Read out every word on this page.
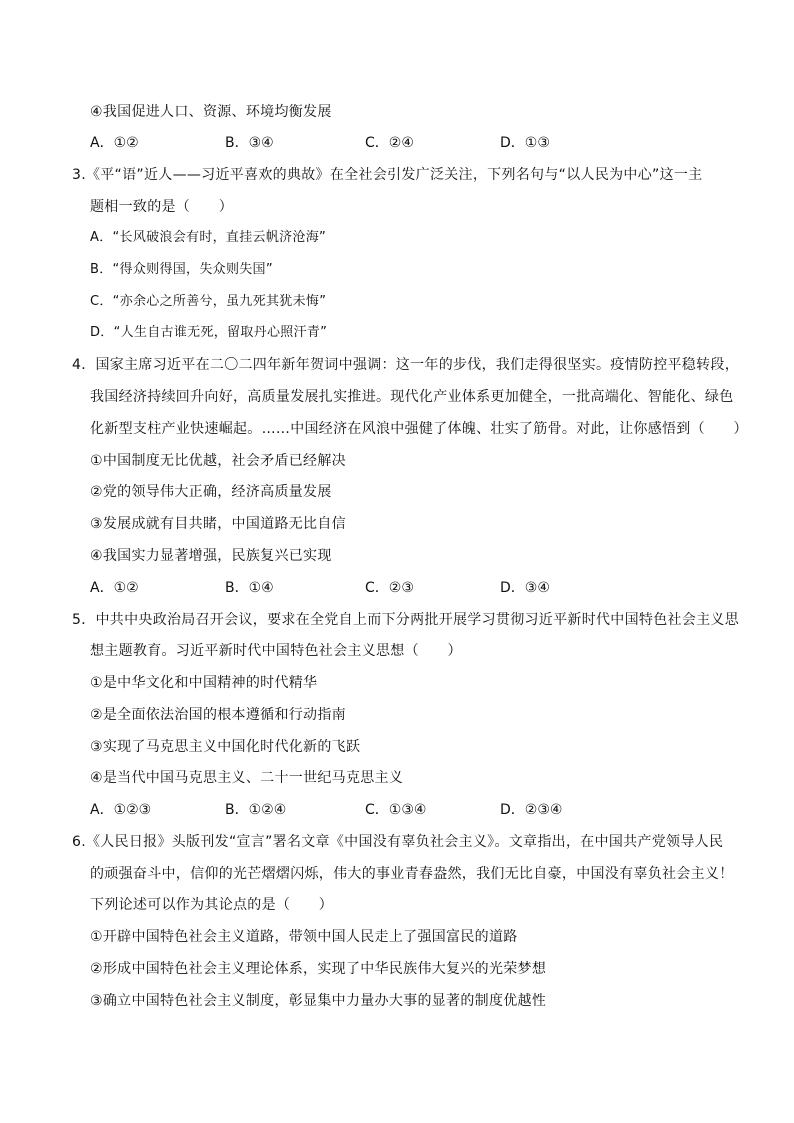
④我国促进人口、资源、环境均衡发展
A．①②	B．③④	C．②④	D．①③
3.《平“语”近人——习近平喜欢的典故》在全社会引发广泛关注，下列名句与“以人民为中心”这一主
题相一致的是（　　）
A．“长风破浪会有时，直挂云帆济沧海”
B．“得众则得国，失众则失国”
C．“亦余心之所善兮，虽九死其犹未悔”
D．“人生自古谁无死，留取丹心照汗青”
4．国家主席习近平在二〇二四年新年贺词中强调：这一年的步伐，我们走得很坚实。疫情防控平稳转段，
我国经济持续回升向好，高质量发展扎实推进。现代化产业体系更加健全，一批高端化、智能化、绿色
化新型支柱产业快速崛起。……中国经济在风浪中强健了体魄、壮实了筋骨。对此，让你感悟到（　　）
①中国制度无比优越，社会矛盾已经解决
②党的领导伟大正确，经济高质量发展
③发展成就有目共睹，中国道路无比自信
④我国实力显著增强，民族复兴已实现
A．①②	B．①④	C．②③	D．③④
5．中共中央政治局召开会议，要求在全党自上而下分两批开展学习贯彻习近平新时代中国特色社会主义思
想主题教育。习近平新时代中国特色社会主义思想（　　）
①是中华文化和中国精神的时代精华
②是全面依法治国的根本遵循和行动指南
③实现了马克思主义中国化时代化新的飞跃
④是当代中国马克思主义、二十一世纪马克思主义
A．①②③	B．①②④	C．①③④	D．②③④
6.《人民日报》头版刊发“宣言”署名文章《中国没有辜负社会主义》。文章指出，在中国共产党领导人民
的顽强奋斗中，信仰的光芒熠熠闪烁，伟大的事业青春盎然，我们无比自豪，中国没有辜负社会主义！
下列论述可以作为其论点的是（　　）
①开辟中国特色社会主义道路，带领中国人民走上了强国富民的道路
②形成中国特色社会主义理论体系，实现了中华民族伟大复兴的光荣梦想
③确立中国特色社会主义制度，彰显集中力量办大事的显著的制度优越性
